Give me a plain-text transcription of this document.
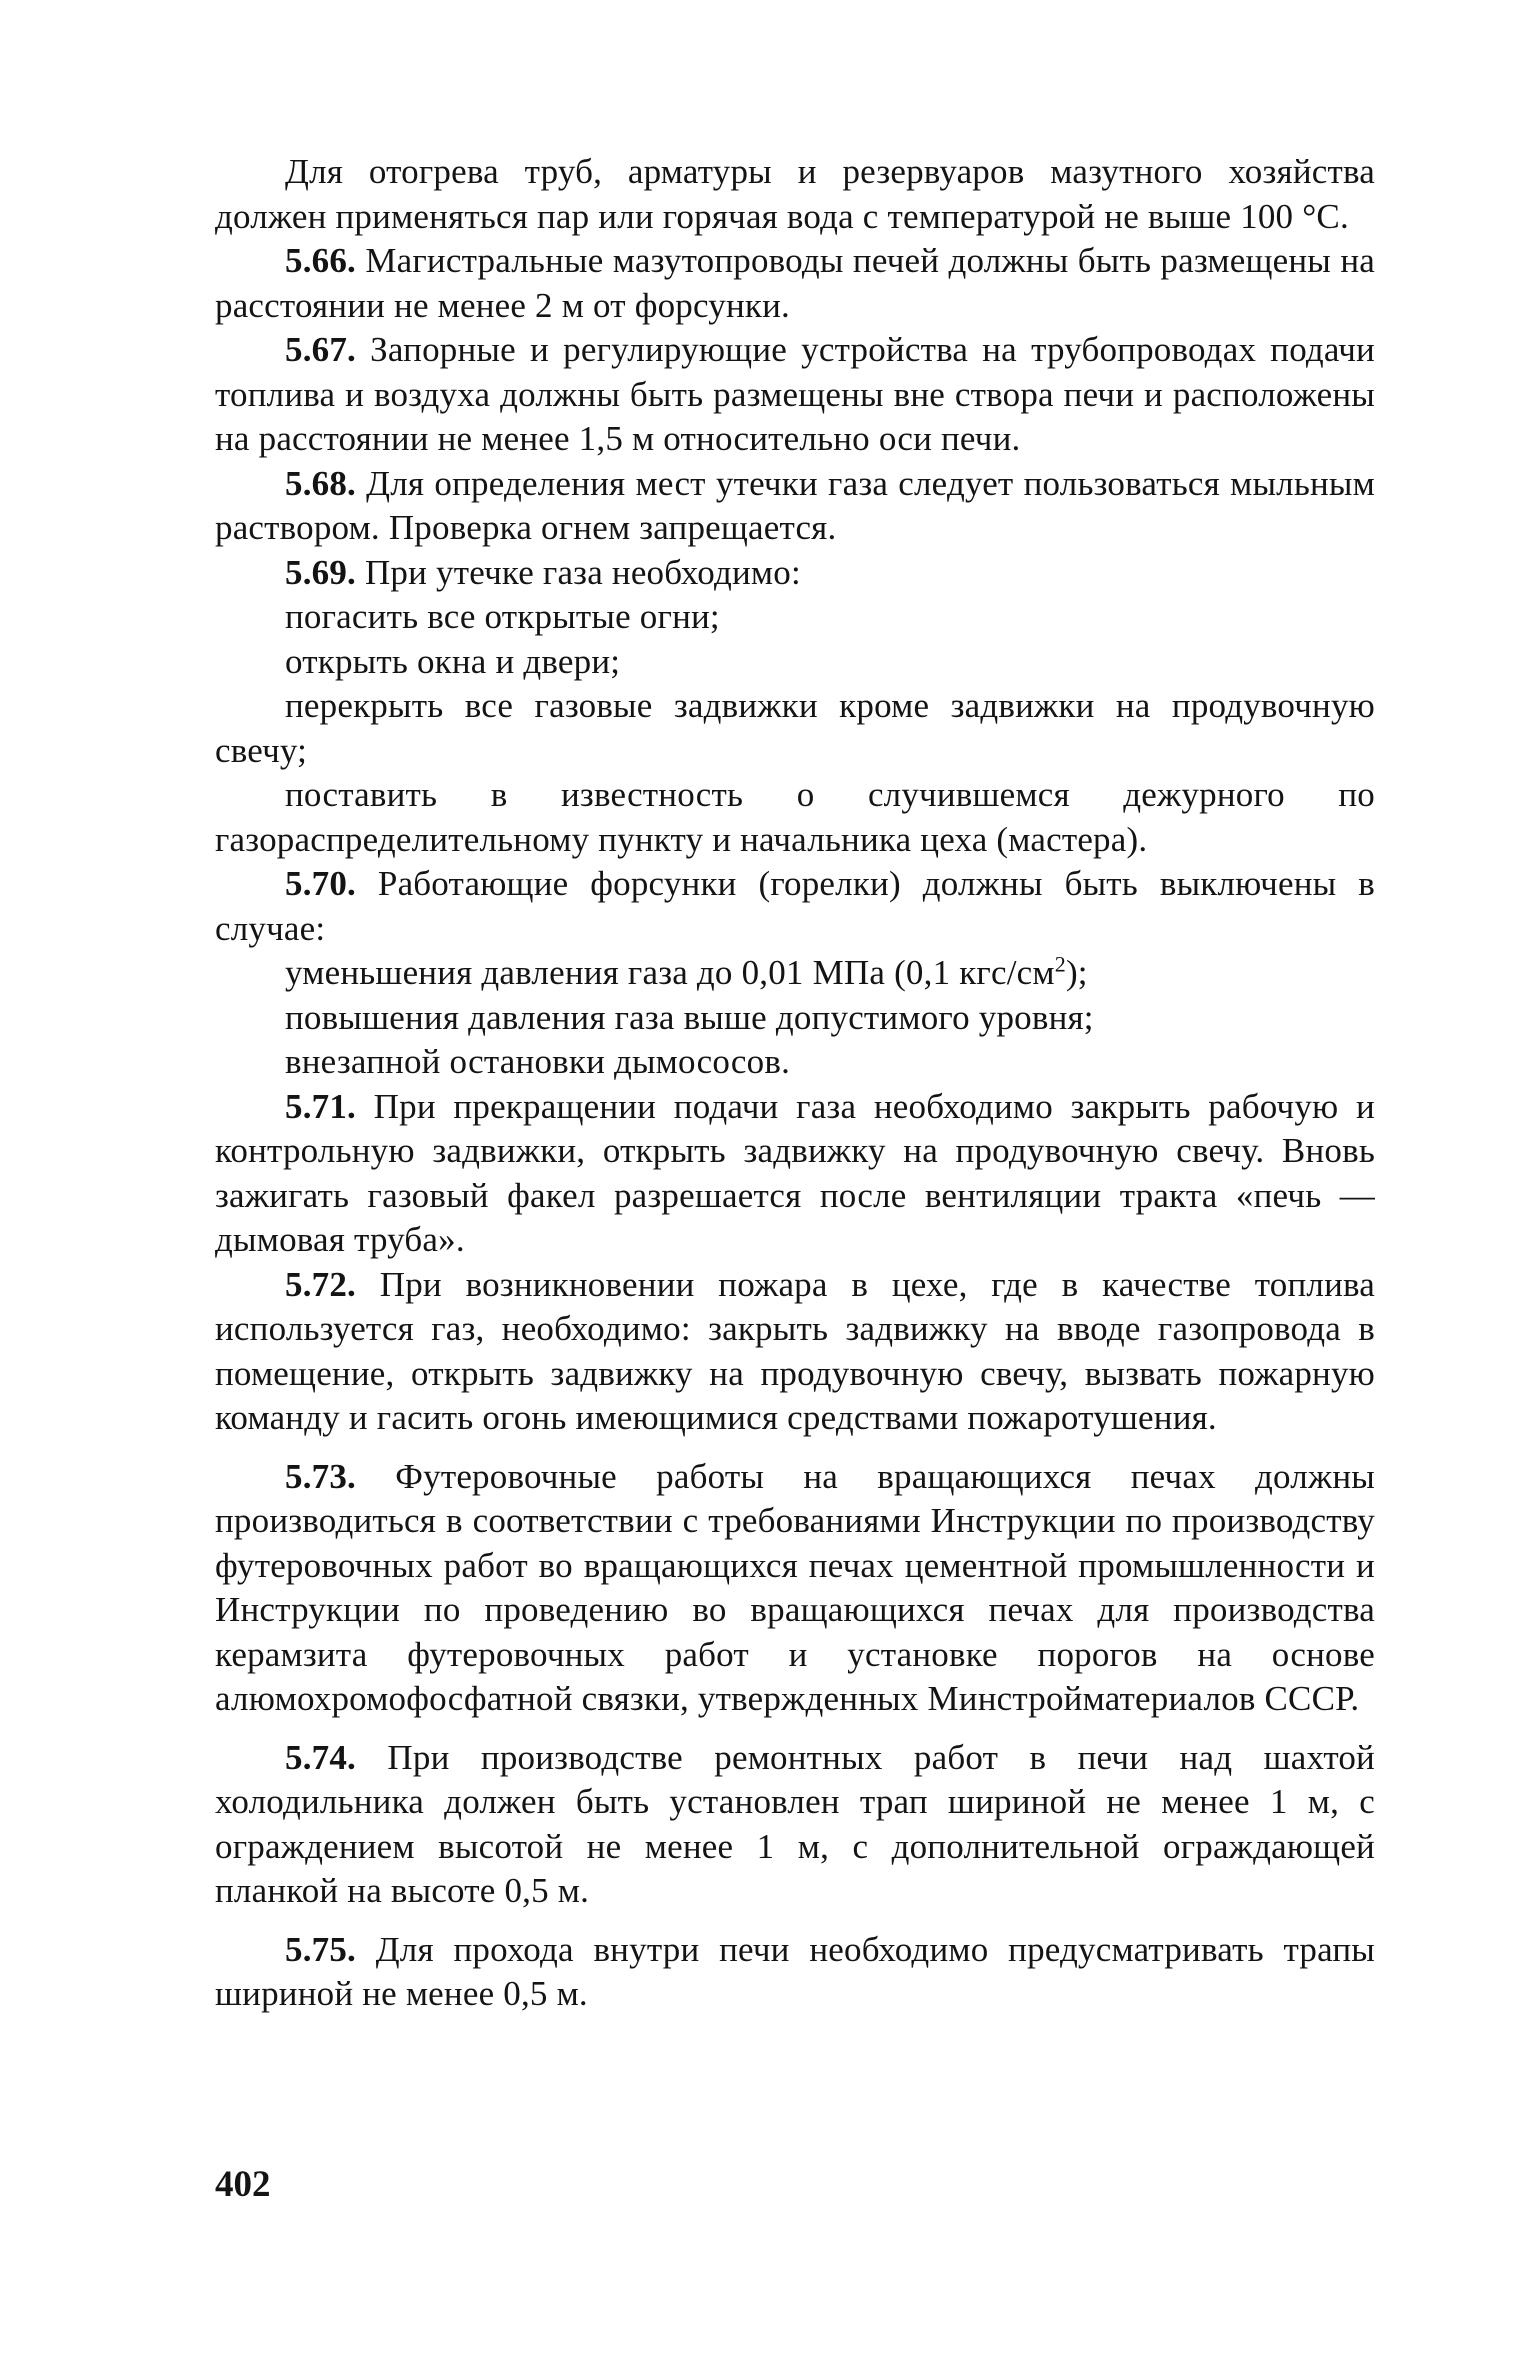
Для отогрева труб, арматуры и резервуаров мазутного хозяйства должен применяться пар или горячая вода с температурой не выше 100 °С.

5.66. Магистральные мазутопроводы печей должны быть размещены на расстоянии не менее 2 м от форсунки.

5.67. Запорные и регулирующие устройства на трубопроводах подачи топлива и воздуха должны быть размещены вне створа печи и расположены на расстоянии не менее 1,5 м относительно оси печи.

5.68. Для определения мест утечки газа следует пользоваться мыльным раствором. Проверка огнем запрещается.

5.69. При утечке газа необходимо:

погасить все открытые огни;

открыть окна и двери;

перекрыть все газовые задвижки кроме задвижки на продувочную свечу;

поставить в известность о случившемся дежурного по газораспределительному пункту и начальника цеха (мастера).

5.70. Работающие форсунки (горелки) должны быть выключены в случае:

уменьшения давления газа до 0,01 МПа (0,1 кгс/$см^2$);

повышения давления газа выше допустимого уровня;

внезапной остановки дымососов.

5.71. При прекращении подачи газа необходимо закрыть рабочую и контрольную задвижки, открыть задвижку на продувочную свечу. Вновь зажигать газовый факел разрешается после вентиляции тракта «печь — дымовая труба».

5.72. При возникновении пожара в цехе, где в качестве топлива используется газ, необходимо: закрыть задвижку на вводе газопровода в помещение, открыть задвижку на продувочную свечу, вызвать пожарную команду и гасить огонь имеющимися средствами пожаротушения.

5.73. Футеровочные работы на вращающихся печах должны производиться в соответствии с требованиями Инструкции по производству футеровочных работ во вращающихся печах цементной промышленности и Инструкции по проведению во вращающихся печах для производства керамзита футеровочных работ и установке порогов на основе алюмохромофосфатной связки, утвержденных Минстройматериалов СССР.

5.74. При производстве ремонтных работ в печи над шахтой холодильника должен быть установлен трап шириной не менее 1 м, с ограждением высотой не менее 1 м, с дополнительной ограждающей планкой на высоте 0,5 м.

5.75. Для прохода внутри печи необходимо предусматривать трапы шириной не менее 0,5 м.

402
